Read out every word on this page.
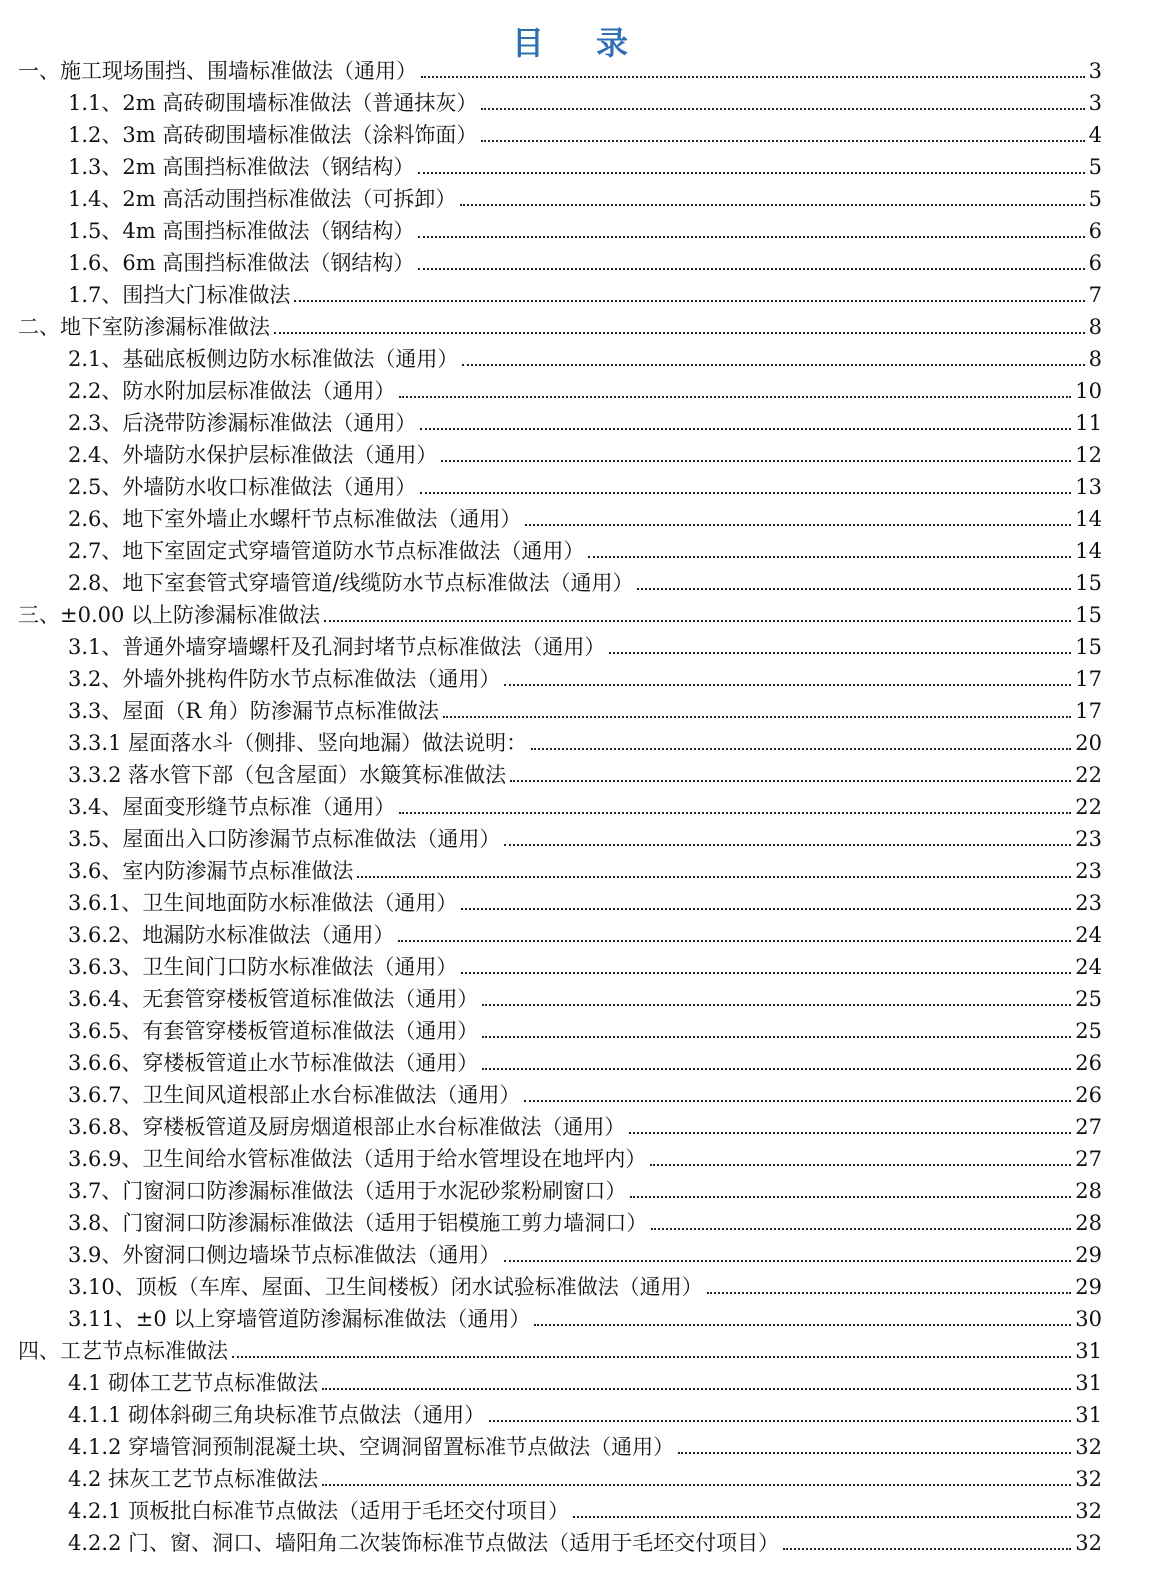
目　录
一、施工现场围挡、围墙标准做法（通用）	3
1.1、2m 高砖砌围墙标准做法（普通抹灰）	3
1.2、3m 高砖砌围墙标准做法（涂料饰面）	4
1.3、2m 高围挡标准做法（钢结构）	5
1.4、2m 高活动围挡标准做法（可拆卸）	5
1.5、4m 高围挡标准做法（钢结构）	6
1.6、6m 高围挡标准做法（钢结构）	6
1.7、围挡大门标准做法	7
二、地下室防渗漏标准做法	8
2.1、基础底板侧边防水标准做法（通用）	8
2.2、防水附加层标准做法（通用）	10
2.3、后浇带防渗漏标准做法（通用）	11
2.4、外墙防水保护层标准做法（通用）	12
2.5、外墙防水收口标准做法（通用）	13
2.6、地下室外墙止水螺杆节点标准做法（通用）	14
2.7、地下室固定式穿墙管道防水节点标准做法（通用）	14
2.8、地下室套管式穿墙管道/线缆防水节点标准做法（通用）	15
三、±0.00 以上防渗漏标准做法	15
3.1、普通外墙穿墙螺杆及孔洞封堵节点标准做法（通用）	15
3.2、外墙外挑构件防水节点标准做法（通用）	17
3.3、屋面（R 角）防渗漏节点标准做法	17
3.3.1 屋面落水斗（侧排、竖向地漏）做法说明：	20
3.3.2 落水管下部（包含屋面）水簸箕标准做法	22
3.4、屋面变形缝节点标准（通用）	22
3.5、屋面出入口防渗漏节点标准做法（通用）	23
3.6、室内防渗漏节点标准做法	23
3.6.1、卫生间地面防水标准做法（通用）	23
3.6.2、地漏防水标准做法（通用）	24
3.6.3、卫生间门口防水标准做法（通用）	24
3.6.4、无套管穿楼板管道标准做法（通用）	25
3.6.5、有套管穿楼板管道标准做法（通用）	25
3.6.6、穿楼板管道止水节标准做法（通用）	26
3.6.7、卫生间风道根部止水台标准做法（通用）	26
3.6.8、穿楼板管道及厨房烟道根部止水台标准做法（通用）	27
3.6.9、卫生间给水管标准做法（适用于给水管埋设在地坪内）	27
3.7、门窗洞口防渗漏标准做法（适用于水泥砂浆粉刷窗口）	28
3.8、门窗洞口防渗漏标准做法（适用于铝模施工剪力墙洞口）	28
3.9、外窗洞口侧边墙垛节点标准做法（通用）	29
3.10、顶板（车库、屋面、卫生间楼板）闭水试验标准做法（通用）	29
3.11、±0 以上穿墙管道防渗漏标准做法（通用）	30
四、工艺节点标准做法	31
4.1 砌体工艺节点标准做法	31
4.1.1 砌体斜砌三角块标准节点做法（通用）	31
4.1.2 穿墙管洞预制混凝土块、空调洞留置标准节点做法（通用）	32
4.2 抹灰工艺节点标准做法	32
4.2.1 顶板批白标准节点做法（适用于毛坯交付项目）	32
4.2.2 门、窗、洞口、墙阳角二次装饰标准节点做法（适用于毛坯交付项目）	32
